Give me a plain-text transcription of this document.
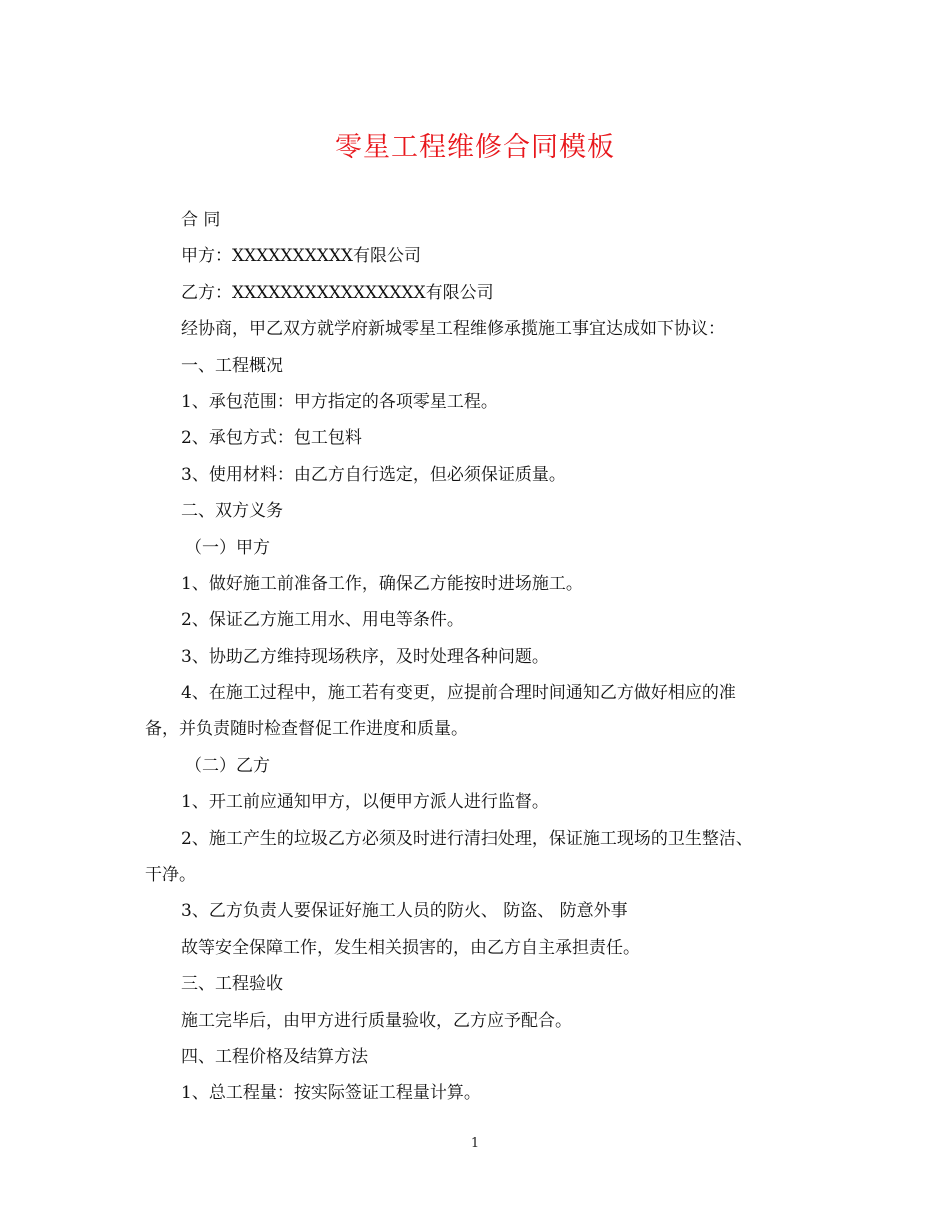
零星工程维修合同模板
合 同
甲方：XXXXXXXXXX有限公司
乙方：XXXXXXXXXXXXXXXX有限公司
经协商，甲乙双方就学府新城零星工程维修承揽施工事宜达成如下协议：
一、工程概况
1、承包范围：甲方指定的各项零星工程。
2、承包方式：包工包料
3、使用材料：由乙方自行选定，但必须保证质量。
二、双方义务
（一）甲方
1、做好施工前准备工作，确保乙方能按时进场施工。
2、保证乙方施工用水、用电等条件。
3、协助乙方维持现场秩序，及时处理各种问题。
4、在施工过程中，施工若有变更，应提前合理时间通知乙方做好相应的准
备，并负责随时检查督促工作进度和质量。
（二）乙方
1、开工前应通知甲方，以便甲方派人进行监督。
2、施工产生的垃圾乙方必须及时进行清扫处理，保证施工现场的卫生整洁、
干净。
3、乙方负责人要保证好施工人员的防火、 防盗、 防意外事
故等安全保障工作，发生相关损害的，由乙方自主承担责任。
三、工程验收
施工完毕后，由甲方进行质量验收，乙方应予配合。
四、工程价格及结算方法
1、总工程量：按实际签证工程量计算。
1
